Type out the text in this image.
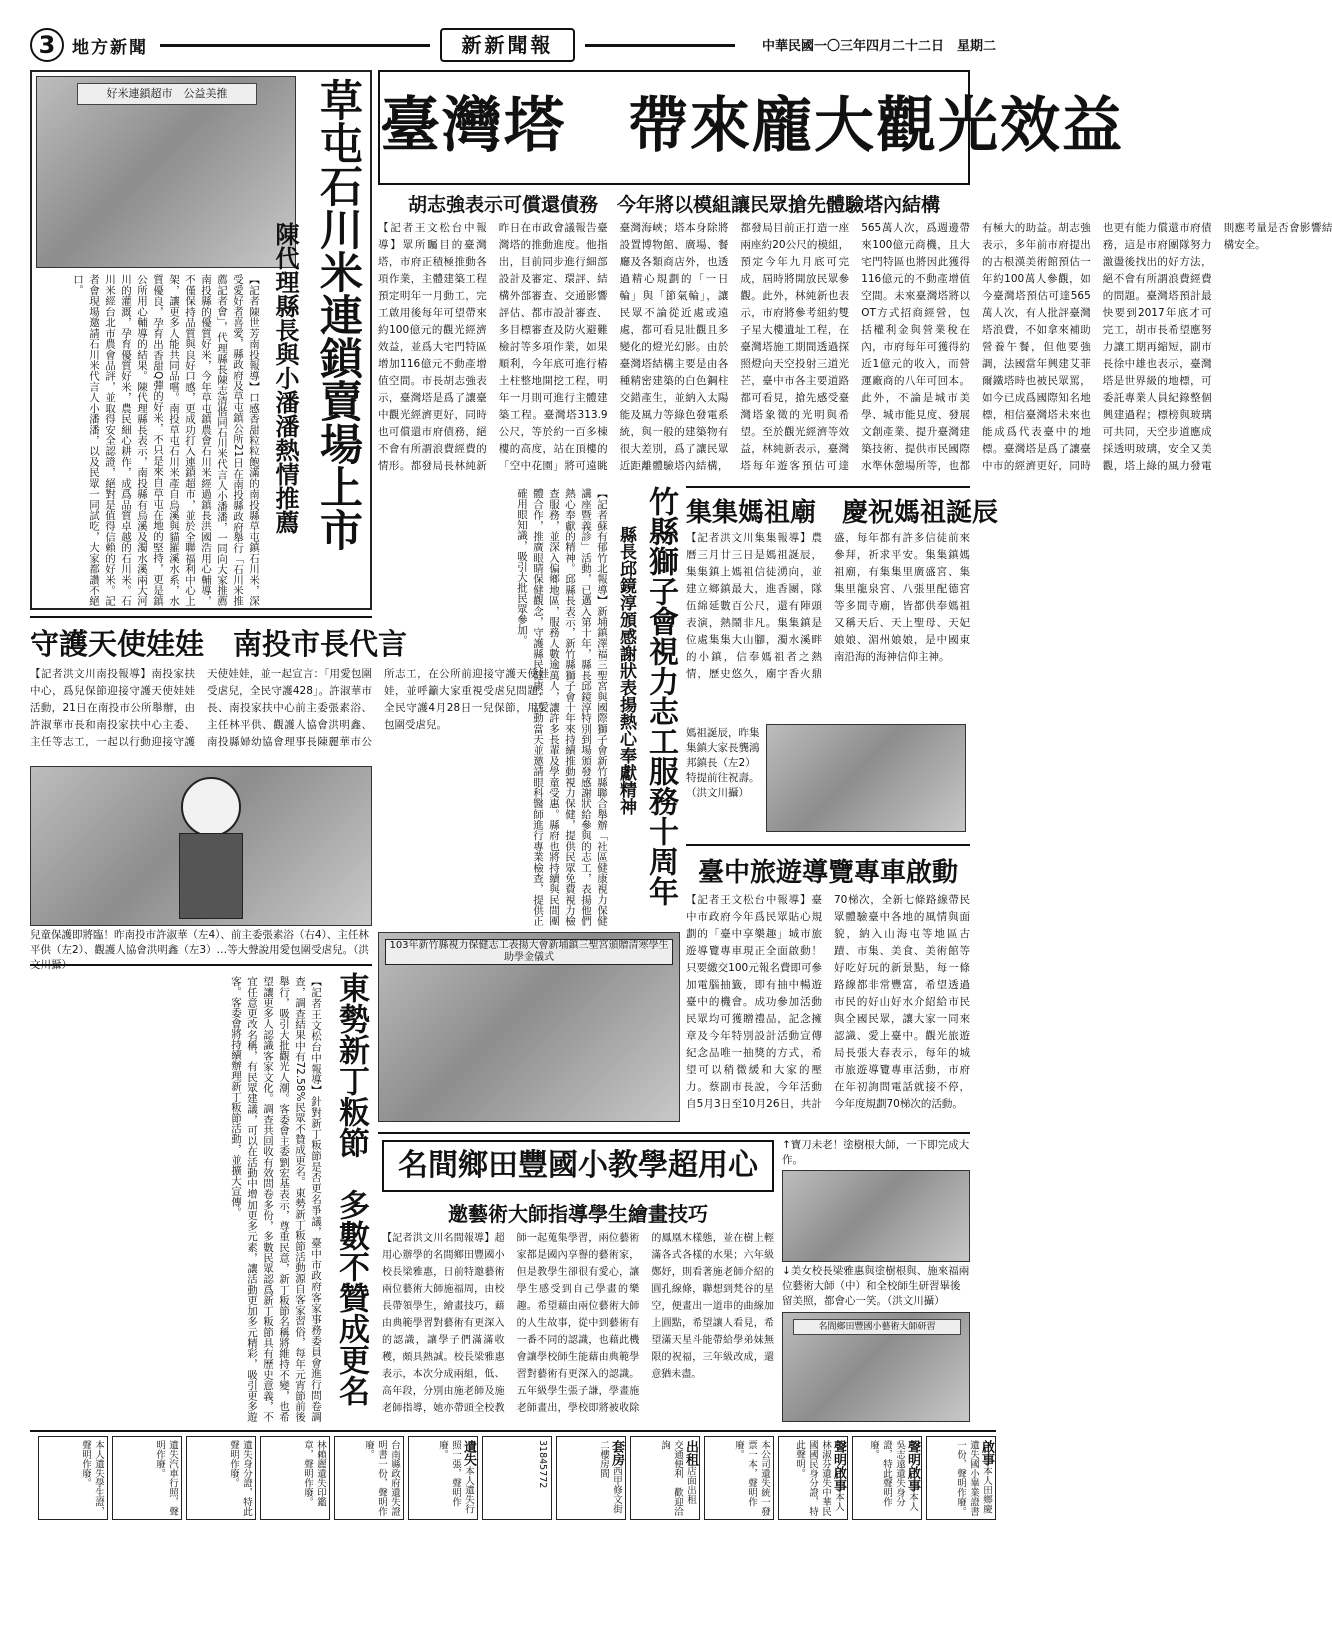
3 地方新聞	新新聞報	中華民國一〇三年四月二十二日　星期二
臺灣塔　帶來龐大觀光效益
胡志強表示可償還債務　今年將以模組讓民眾搶先體驗塔內結構
【記者王文松台中報導】眾所矚目的臺灣塔，市府正積極推動各項作業，主體建築工程預定明年一月動工，完工啟用後每年可望帶來約100億元的觀光經濟效益，並爲大宅門特區增加116億元不動產增值空間。市長胡志強表示，臺灣塔是爲了讓臺中觀光經濟更好，同時也可償還市府債務，絕不會有所謂浪費經費的情形。都發局長林純新昨日在市政會議報告臺灣塔的推動進度。他指出，目前同步進行細部設計及審定、環評、結構外部審查、交通影響評估、都市設計審查、多目標審查及防火避難檢討等多項作業，如果順利，今年底可進行樁土柱整地開挖工程，明年一月則可進行主體建築工程。臺灣塔313.9公尺，等於約一百多棟樓的高度，站在頂樓的「空中花園」將可遠眺臺灣海峽；塔本身除將設置博物館、廣場、餐廳及各類商店外，也透過精心規劃的「一日輪」與「節氣輪」，讓民眾不論從近處或遠處，都可看見壯觀且多變化的燈光幻影。由於臺灣塔結構主要是由各種精密建築的白色鋼柱交錯產生，並納入太陽能及風力等綠色發電系統，與一般的建築物有很大差別，爲了讓民眾近距離體驗塔內結構，都發局目前正打造一座兩座約20公尺的模組，預定今年九月底可完成，屆時將開放民眾參觀。此外，林純新也表示，市府將參考紐約雙子星大樓遺址工程，在臺灣塔施工期間透過探照燈向天空投射三道光芒，臺中市各主要道路都可看見，搶先感受臺灣塔象徵的光明與希望。至於觀光經濟等效益，林純新表示，臺灣塔每年遊客預估可達565萬人次，爲週邊帶來100億元商機，且大宅門特區也將因此獲得116億元的不動產增值空間。未來臺灣塔將以OT方式招商經營，包括權利金與營業稅在內，市府每年可獲得約近1億元的收入，而營運廠商的八年可回本。此外，不論是城市美學、城市能見度、發展文創產業、提升臺灣建築技術、提供市民國際水準休憩場所等，也都有極大的助益。胡志強表示，多年前市府提出的古根漢美術館預估一年約100萬人參觀，如今臺灣塔預估可達565萬人次，有人批評臺灣塔浪費，不如拿來補助營養午餐，但他要強調，法國當年興建艾菲爾鐵塔時也被民眾罵，如今已成爲國際知名地標，相信臺灣塔未來也能成爲代表臺中的地標。臺灣塔是爲了讓臺中市的經濟更好，同時也更有能力償還市府債務，這是市府團隊努力激盪後找出的好方法，絕不會有所謂浪費經費的問題。臺灣塔預計最快要到2017年底才可完工，胡市長希望應努力讓工期再縮短，副市長徐中雄也表示，臺灣塔是世界級的地標，可委託專業人員紀錄整個興建過程；標榜與玻璃可共同，天空步道應成採透明玻璃，安全又美觀，塔上綠的風力發電則應考量是否會影響結構安全。
好米連鎖超市　公益美推	草屯石川米連鎖賣場上市
陳代理縣長與小潘潘熱情推薦
【記者陳世芳南投報導】口感香甜粒粒飽滿的南投縣草屯鎮石川米，深受愛好者喜愛，縣政府及草屯鎮公所21日在南投縣政府舉行「石川米推薦記者會」，代理縣長陳志清偕同石川米代言人小潘潘，一同向大家推薦南投縣的優質好米，今年草屯鎮農會石川米經過鎮長洪國浩用心輔導，不僅保持品質與良好口感，更成功打入連鎖超市，並於全聯福利中心上架，讓更多人能共同品嚐。南投草屯石川米產自烏溪與貓羅溪水系，水質優良，孕育出香甜Q彈的好米，不只是來自草屯在地的堅持，更是鎮公所用心輔導的結果。陳代理縣長表示，南投縣有烏溪及濁水溪兩大河川的灌溉，孕育優質好米，農民細心耕作，成爲品質卓越的石川米。石川米經台北市農會品評，並取得安全認證，絕對是值得信賴的好米。記者會現場邀請石川米代言人小潘潘，以及民眾一同試吃，大家都讚不絕口。
守護天使娃娃　南投市長代言
【記者洪文川南投報導】南投家扶中心，爲兒保節迎接守護天使娃娃活動，21日在南投市公所舉辦，由許淑華市長和南投家扶中心主委、主任等志工，一起以行動迎接守護天使娃娃，並一起宣言：「用愛包圍受虐兒，全民守護428」。許淑華市長、南投家扶中心前主委張素浴、主任林平供、觀護人協會洪明鑫、南投縣婦幼協會理事長陳麗華市公所志工，在公所前迎接守護天使娃娃，並呼籲大家重視受虐兒問題，全民守護4月28日一兒保節，用愛包圍受虐兒。
兒童保護即將臨！昨南投市許淑華（左4）、前主委張素浴（右4）、主任林平供（左2）、觀護人協會洪明鑫（左3）…等大聲說用愛包圍受虐兒。（洪文川攝）
東勢新丁粄節　多數不贊成更名
【記者王文松台中報導】針對新丁粄節是否更名爭議，臺中市政府客家事務委員會進行問卷調查，調查結果中有72.58%民眾不贊成更名。東勢新丁粄節活動源自客家習俗，每年元宵節前後舉行，吸引大批觀光人潮。客委會主委劉宏基表示，尊重民意，新丁粄節名稱將維持不變，也希望讓更多人認識客家文化。調查共回收有效問卷多份，多數民眾認爲新丁粄節具有歷史意義，不宜任意更改名稱，有民眾建議，可以在活動中增加更多元素，讓活動更加多元精彩，吸引更多遊客。客委會將持續辦理新丁粄節活動，並擴大宣傳。
竹縣獅子會視力志工服務十周年
縣長邱鏡淳頒感謝狀表揚熱心奉獻精神
【記者蘇有郁竹北報導】新埔鎮澤福三聖宮與國際獅子會新竹縣聯合舉辦「社區健康視力保健講座暨義診」活動，已邁入第十年，縣長邱鏡淳特別到場頒發感謝狀給參與的志工，表揚他們熱心奉獻的精神。邱縣長表示，新竹縣獅子會十年來持續推動視力保健，提供民眾免費視力檢查服務，並深入偏鄉地區，服務人數逾萬人，讓許多長輩及學童受惠。縣府也將持續與民間團體合作，推廣眼睛保健觀念，守護縣民健康。活動當天並邀請眼科醫師進行專業檢查，提供正確用眼知識，吸引大批民眾參加。
103年新竹縣視力保健志工表揚大會新埔鎮三聖宮頒贈清寒學生助學金儀式
集集媽祖廟　慶祝媽祖誕辰
【記者洪文川集集報導】農曆三月廿三日是媽祖誕辰，集集鎮上媽祖信徒湧向，並建立鄉鎮最大，進香團，隊伍綿延數百公尺，還有陣頭表演，熱鬧非凡。集集鎮是位處集集大山腳，濁水溪畔的小鎮，信奉媽祖者之熱情，歷史悠久，廟宇香火鼎盛，每年都有許多信徒前來參拜，祈求平安。集集鎮媽祖廟，有集集里廣盛宮、集集里龍泉宮、八張里配德宮等多間寺廟，皆都供奉媽祖又稱天后、天上聖母、天妃娘娘、湄州娘娘，是中國東南沿海的海神信仰主神。
媽祖誕辰，昨集集鎮大家長龔鴻邦鎮長（左2）特提前往祝壽。（洪文川攝）
臺中旅遊導覽專車啟動
【記者王文松台中報導】臺中市政府今年爲民眾貼心規劃的「臺中享樂趣」城市旅遊導覽專車現正全面啟動！只要繳交100元報名費即可參加電腦抽籤，即有抽中暢遊臺中的機會。成功參加活動民眾均可獲贈禮品，記念擁章及今年特別設計活動宣傳紀念品唯一抽獎的方式，希望可以稍微緩和大家的壓力。蔡副市長說，今年活動自5月3日至10月26日，共計70梯次，全新七條路線帶民眾體驗臺中各地的風情與面貌，納入山海屯等地區古蹟、市集、美食、美術館等好吃好玩的新景點，每一條路線都非常豐富，希望透過市民的好山好水介紹給市民與全國民眾，讓大家一同來認識、愛上臺中。觀光旅遊局長張大春表示，每年的城市旅遊導覽專車活動，市府在年初詢問電話就接不停，今年度規劃70梯次的活動。
名間鄉田豐國小教學超用心
邀藝術大師指導學生繪畫技巧
【記者洪文川名間報導】超用心辦學的名間鄉田豐國小校長梁雅惠，日前特邀藝術兩位藝術大師施福周，由校長帶領學生，繪畫技巧，藉由典範學習對藝術有更深入的認識，讓學子們滿滿收穫，頗具熱誠。校長梁雅惠表示，本次分成兩組，低、高年段，分別由施老師及施老師指導，她亦帶頭全校教師一起蒐集學習，兩位藝術家都是國內享譽的藝術家，但是教學生卻很有愛心，讓學生感受到自己學畫的樂趣。希望藉由兩位藝術大師的人生故事，從中到藝術有一番不同的認識，也藉此機會讓學校師生能藉由典範學習對藝術有更深入的認識。五年級學生張子謙，學畫施老師畫出，學校即將被收除的鳳凰木樣態，並在樹上輕滿各式各樣的水果；六年級鄭妤，則看著施老師介紹的圓孔線條，聯想到梵谷的星空，便畫出一道串的曲線加上圓點，希望讓人看見，希望滿天星斗能帶給學弟妹無限的祝福，三年級改成，還意猶未盡。
↑寶刀未老！塗樹根大師，一下即完成大作。
↓美女校長梁雅惠與塗樹根與、施來福兩位藝術大師（中）和全校師生研習畢後留美照，都會心一笑。（洪文川攝）
名間鄉田豐國小藝術大師研習
啟事本人田鄉慶遺失國小畢業證書一份，聲明作廢。
聲明啟事本人吳志遠遺失身分證，特此聲明作廢。
聲明啟事本人林淑芬遺失中華民國國民身分證，特此聲明。
本公司遺失統一發票一本，聲明作廢。
出租店面出租　交通便利　歡迎洽詢
套房西甲修文街二樓房間
31845772
遺失本人遺失行照一張，聲明作廢。
台南縣政府遺失證明書一份，聲明作廢。
林賴麗遺失印鑑章，聲明作廢。
遺失身分證，特此聲明作廢。
遺失汽車行照，聲明作廢。
本人遺失學生證，聲明作廢。
